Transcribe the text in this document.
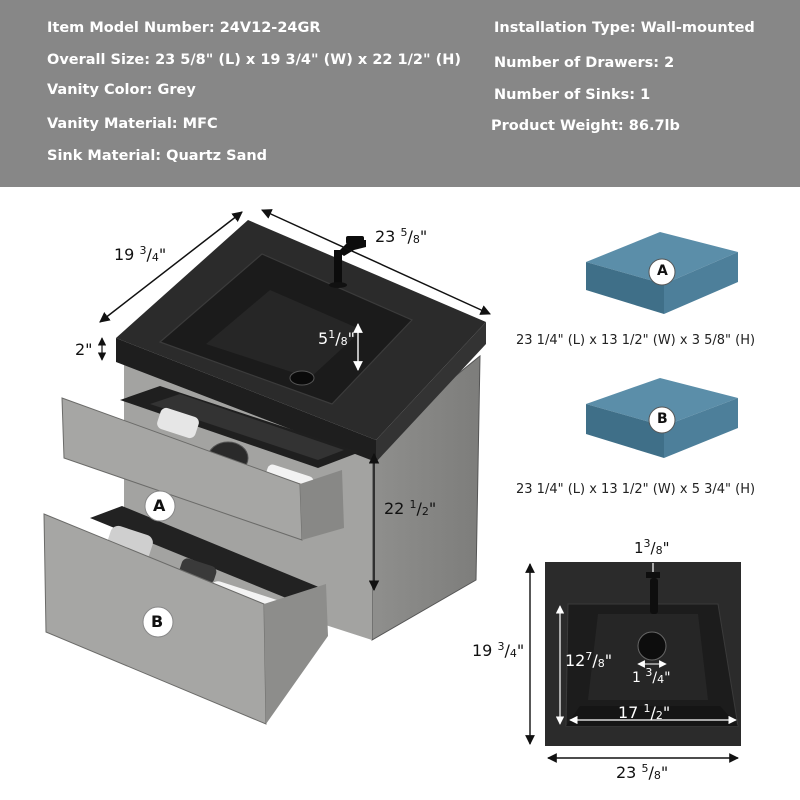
Item Model Number: 24V12-24GR
Overall Size: 23 5/8" (L) x 19 3/4" (W) x 22 1/2" (H)
Vanity Color: Grey
Vanity Material: MFC
Sink Material: Quartz Sand
Installation Type: Wall-mounted
Number of Drawers: 2
Number of Sinks: 1
Product Weight: 86.7lb
19 $^3/_4$"
23 $^5/_8$"
2"
$5^1/_8$"
22 $^1/_2$"
A
B
A
B
23 1/4" (L) x 13 1/2" (W) x 3 5/8" (H)
23 1/4" (L) x 13 1/2" (W) x 5 3/4" (H)
$1^3/_8$"
19 $^3/_4$"
$12^7/_8$"
1 $^3/_4$"
17 $^1/_2$"
23 $^5/_8$"
